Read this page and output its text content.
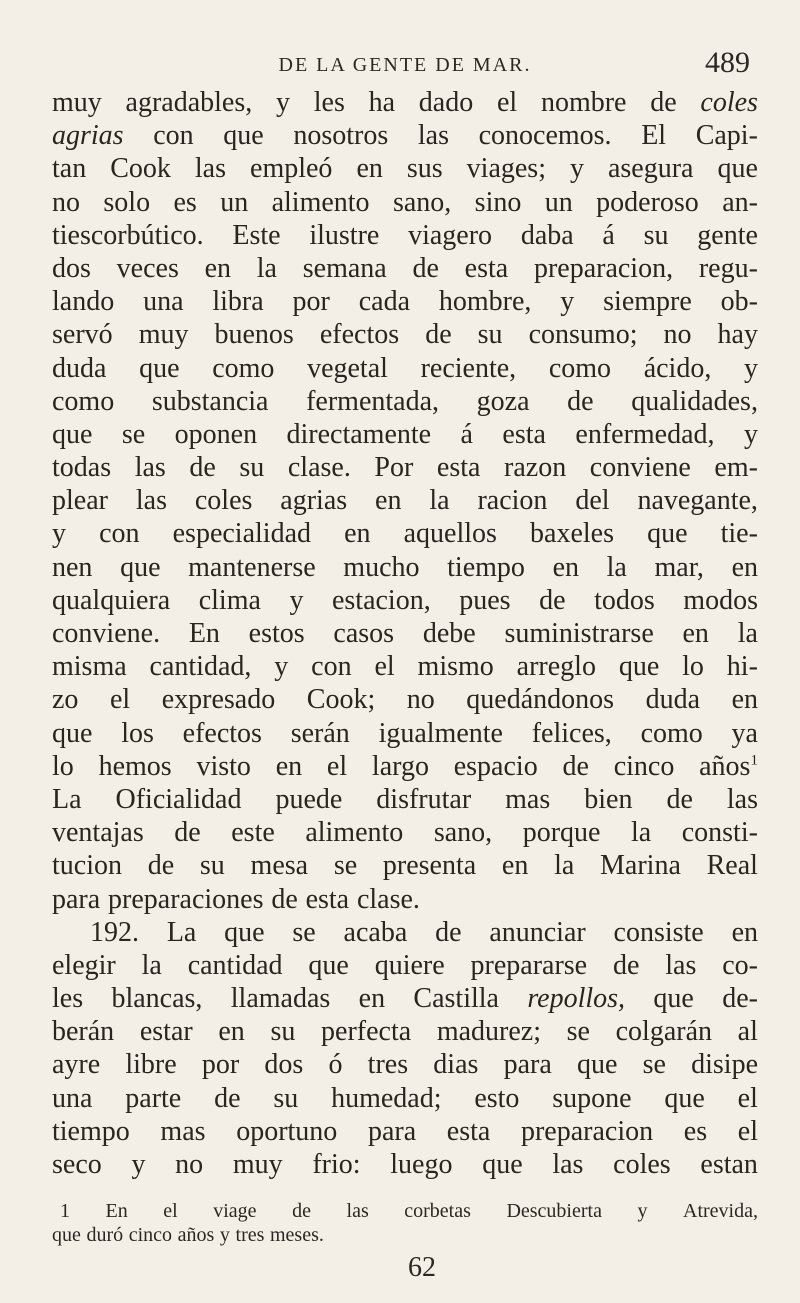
DE LA GENTE DE MAR.	489
muy agradables, y les ha dado el nombre de coles
agrias con que nosotros las conocemos. El Capi-
tan Cook las empleó en sus viages; y asegura que
no solo es un alimento sano, sino un poderoso an-
tiescorbútico. Este ilustre viagero daba á su gente
dos veces en la semana de esta preparacion, regu-
lando una libra por cada hombre, y siempre ob-
servó muy buenos efectos de su consumo; no hay
duda que como vegetal reciente, como ácido, y
como substancia fermentada, goza de qualidades,
que se oponen directamente á esta enfermedad, y
todas las de su clase. Por esta razon conviene em-
plear las coles agrias en la racion del navegante,
y con especialidad en aquellos baxeles que tie-
nen que mantenerse mucho tiempo en la mar, en
qualquiera clima y estacion, pues de todos modos
conviene. En estos casos debe suministrarse en la
misma cantidad, y con el mismo arreglo que lo hi-
zo el expresado Cook; no quedándonos duda en
que los efectos serán igualmente felices, como ya
lo hemos visto en el largo espacio de cinco años$^1$
La Oficialidad puede disfrutar mas bien de las
ventajas de este alimento sano, porque la consti-
tucion de su mesa se presenta en la Marina Real
para preparaciones de esta clase.
192. La que se acaba de anunciar consiste en
elegir la cantidad que quiere prepararse de las co-
les blancas, llamadas en Castilla repollos, que de-
berán estar en su perfecta madurez; se colgarán al
ayre libre por dos ó tres dias para que se disipe
una parte de su humedad; esto supone que el
tiempo mas oportuno para esta preparacion es el
seco y no muy frio: luego que las coles estan
1 En el viage de las corbetas Descubierta y Atrevida,
que duró cinco años y tres meses.
62
